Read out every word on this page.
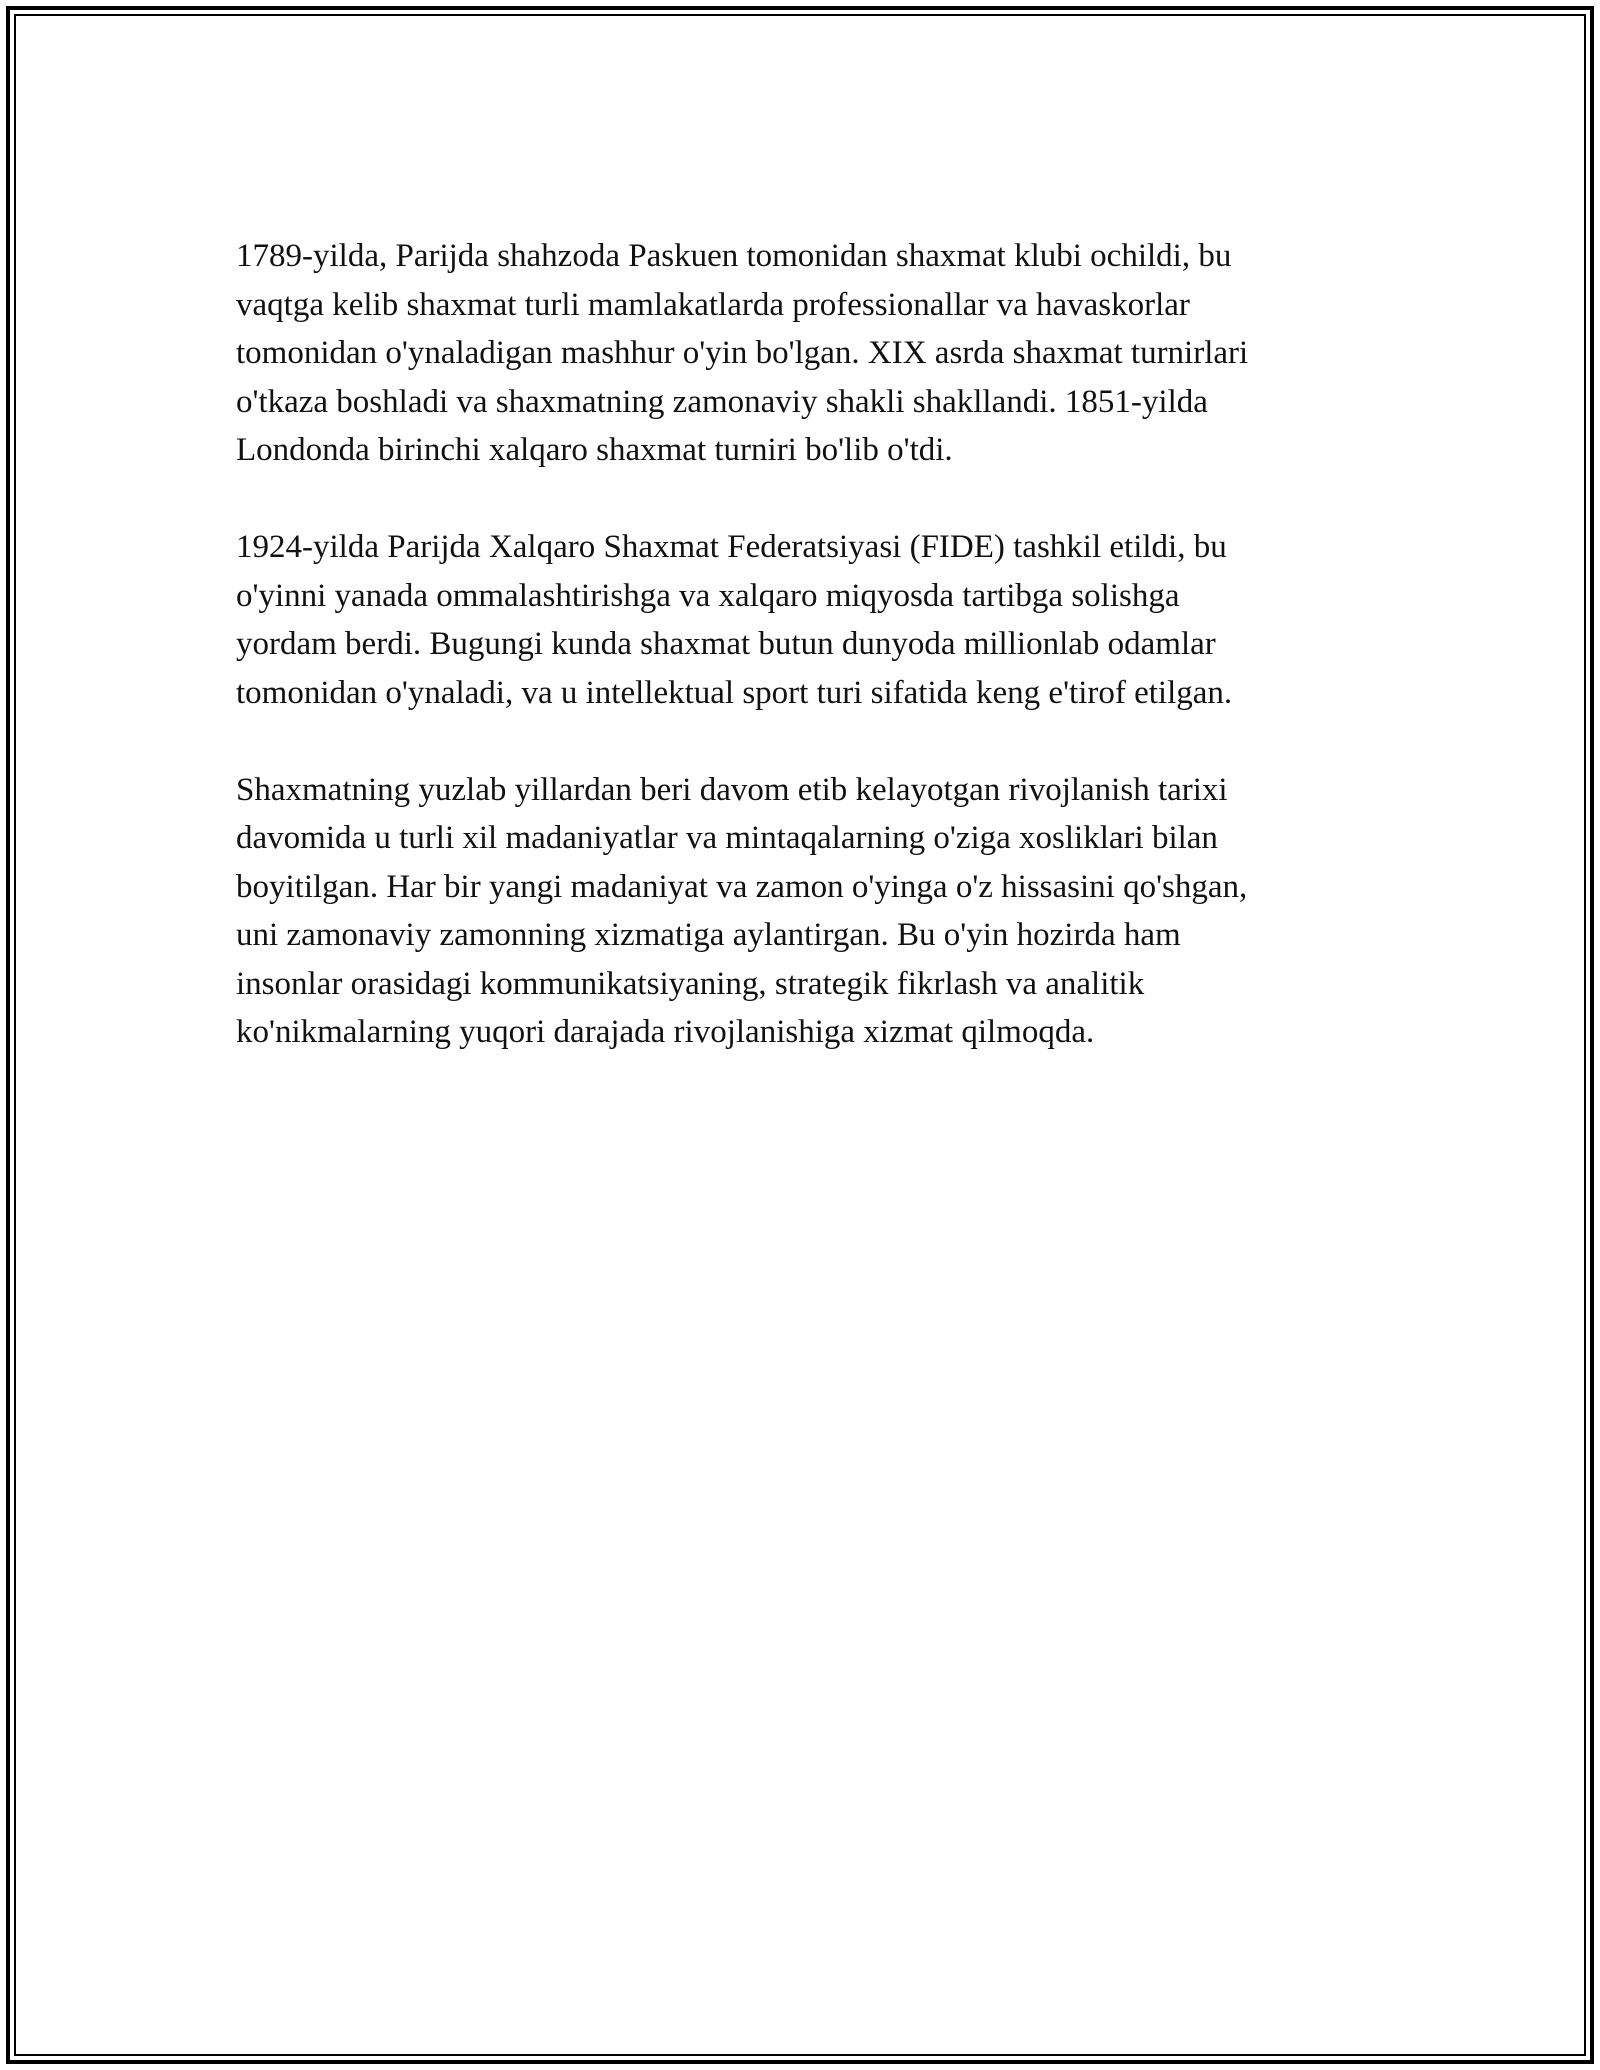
1789-yilda, Parijda shahzoda Paskuen tomonidan shaxmat klubi ochildi, bu
vaqtga kelib shaxmat turli mamlakatlarda professionallar va havaskorlar
tomonidan o'ynaladigan mashhur o'yin bo'lgan. XIX asrda shaxmat turnirlari
o'tkaza boshladi va shaxmatning zamonaviy shakli shakllandi. 1851-yilda
Londonda birinchi xalqaro shaxmat turniri bo'lib o'tdi.

1924-yilda Parijda Xalqaro Shaxmat Federatsiyasi (FIDE) tashkil etildi, bu
o'yinni yanada ommalashtirishga va xalqaro miqyosda tartibga solishga
yordam berdi. Bugungi kunda shaxmat butun dunyoda millionlab odamlar
tomonidan o'ynaladi, va u intellektual sport turi sifatida keng e'tirof etilgan.

Shaxmatning yuzlab yillardan beri davom etib kelayotgan rivojlanish tarixi
davomida u turli xil madaniyatlar va mintaqalarning o'ziga xosliklari bilan
boyitilgan. Har bir yangi madaniyat va zamon o'yinga o'z hissasini qo'shgan,
uni zamonaviy zamonning xizmatiga aylantirgan. Bu o'yin hozirda ham
insonlar orasidagi kommunikatsiyaning, strategik fikrlash va analitik
ko'nikmalarning yuqori darajada rivojlanishiga xizmat qilmoqda.
